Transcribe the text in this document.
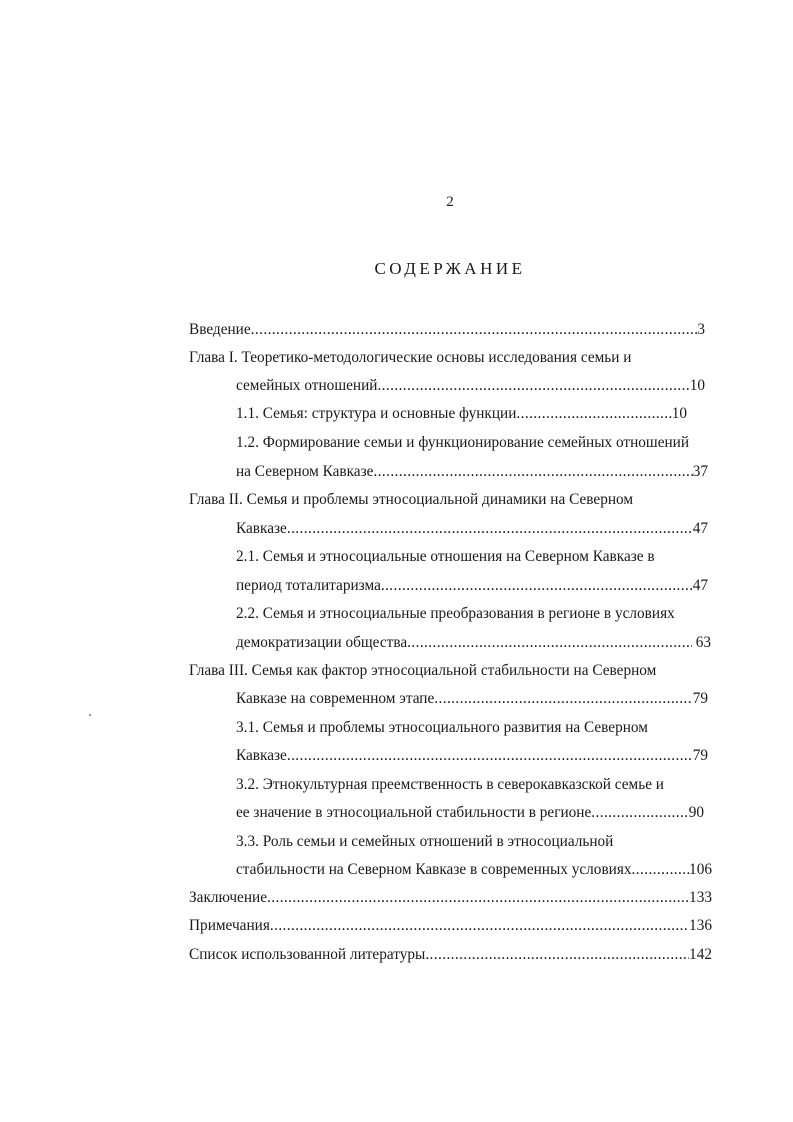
2
СОДЕРЖАНИЕ
Введение .....	3
Глава I. Теоретико-методологические основы исследования семьи и
семейных отношений .....	10
1.1. Семья: структура и основные функции .....	10
1.2. Формирование семьи и функционирование семейных отношений
на Северном Кавказе .....	37
Глава II. Семья и проблемы этносоциальной динамики на Северном
Кавказе .....	47
2.1. Семья и этносоциальные отношения на Северном Кавказе в
период тоталитаризма .....	47
2.2. Семья и этносоциальные преобразования в регионе в условиях
демократизации общества .....	63
Глава III. Семья как фактор этносоциальной стабильности на Северном
Кавказе на современном этапе .....	79
3.1. Семья и проблемы этносоциального развития на Северном
Кавказе .....	79
3.2. Этнокультурная преемственность в северокавказской семье и
ее значение в этносоциальной стабильности в регионе .....	90
3.3. Роль семьи и семейных отношений в этносоциальной
стабильности на Северном Кавказе в современных условиях .....	106
Заключение .....	133
Примечания .....	136
Список использованной литературы .....	142
